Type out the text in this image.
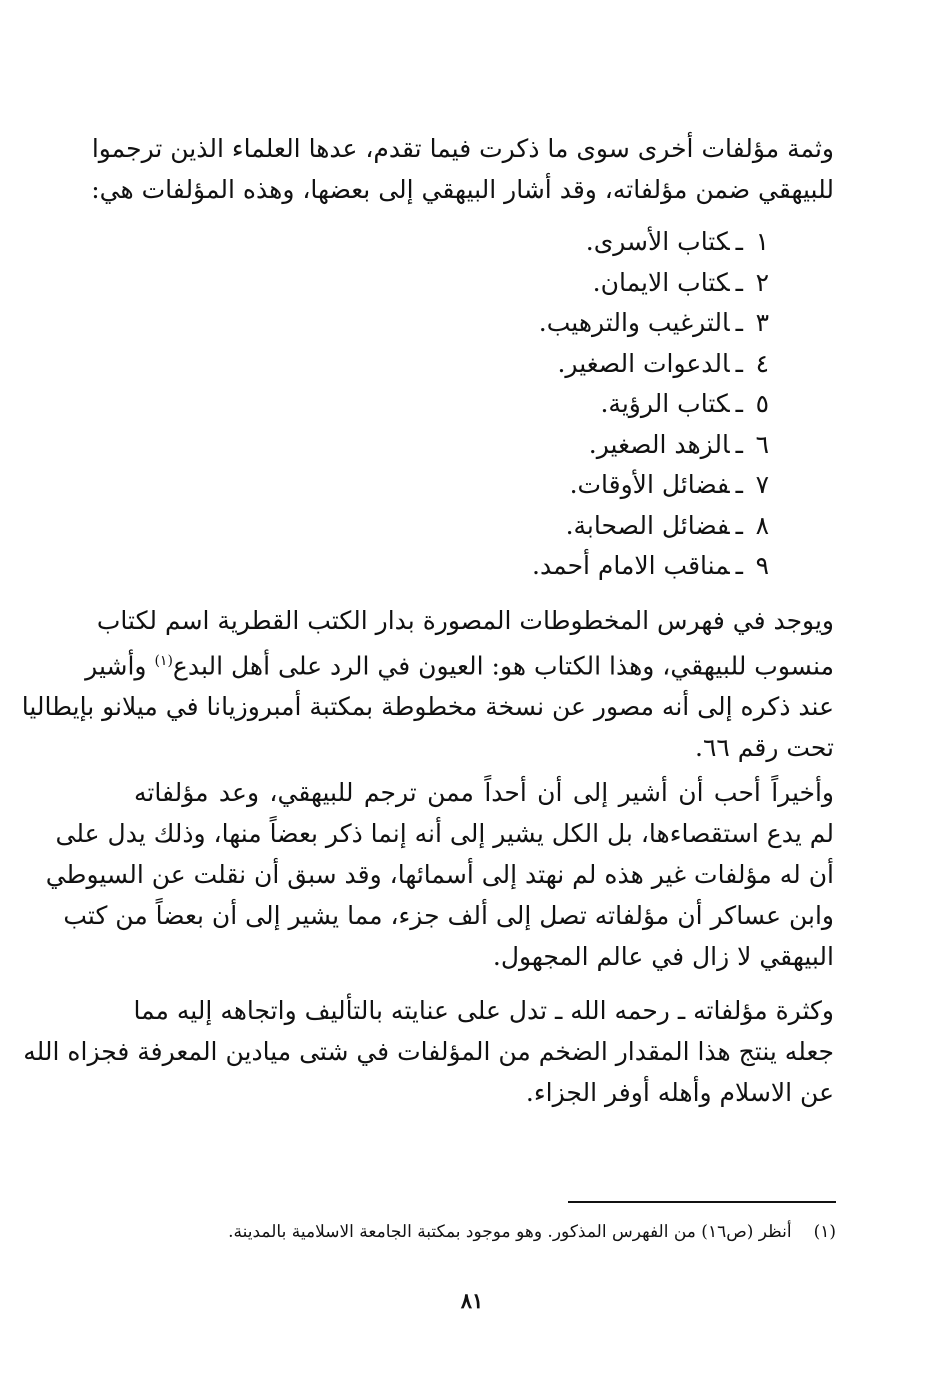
وثمة مؤلفات أخرى سوى ما ذكرت فيما تقدم، عدها العلماء الذين ترجموا
للبيهقي ضمن مؤلفاته، وقد أشار البيهقي إلى بعضها، وهذه المؤلفات هي:

١ـكتاب الأسرى.
٢ـكتاب الايمان.
٣ـالترغيب والترهيب.
٤ـالدعوات الصغير.
٥ـكتاب الرؤية.
٦ـالزهد الصغير.
٧ـفضائل الأوقات.
٨ـفضائل الصحابة.
٩ـمناقب الامام أحمد.

ويوجد في فهرس المخطوطات المصورة بدار الكتب القطرية اسم لكتاب
منسوب للبيهقي، وهذا الكتاب هو: العيون في الرد على أهل البدع$^{(١)}$ وأشير
عند ذكره إلى أنه مصور عن نسخة مخطوطة بمكتبة أمبروزيانا في ميلانو بإيطاليا
تحت رقم ٦٦.

وأخيراً أحب أن أشير إلى أن أحداً ممن ترجم للبيهقي، وعد مؤلفاته
لم يدع استقصاءها، بل الكل يشير إلى أنه إنما ذكر بعضاً منها، وذلك يدل على
أن له مؤلفات غير هذه لم نهتد إلى أسمائها، وقد سبق أن نقلت عن السيوطي
وابن عساكر أن مؤلفاته تصل إلى ألف جزء، مما يشير إلى أن بعضاً من كتب
البيهقي لا زال في عالم المجهول.

وكثرة مؤلفاته ـ رحمه الله ـ تدل على عنايته بالتأليف واتجاهه إليه مما
جعله ينتج هذا المقدار الضخم من المؤلفات في شتى ميادين المعرفة فجزاه الله
عن الاسلام وأهله أوفر الجزاء.

(١)أنظر (ص١٦) من الفهرس المذكور. وهو موجود بمكتبة الجامعة الاسلامية بالمدينة.
٨١
